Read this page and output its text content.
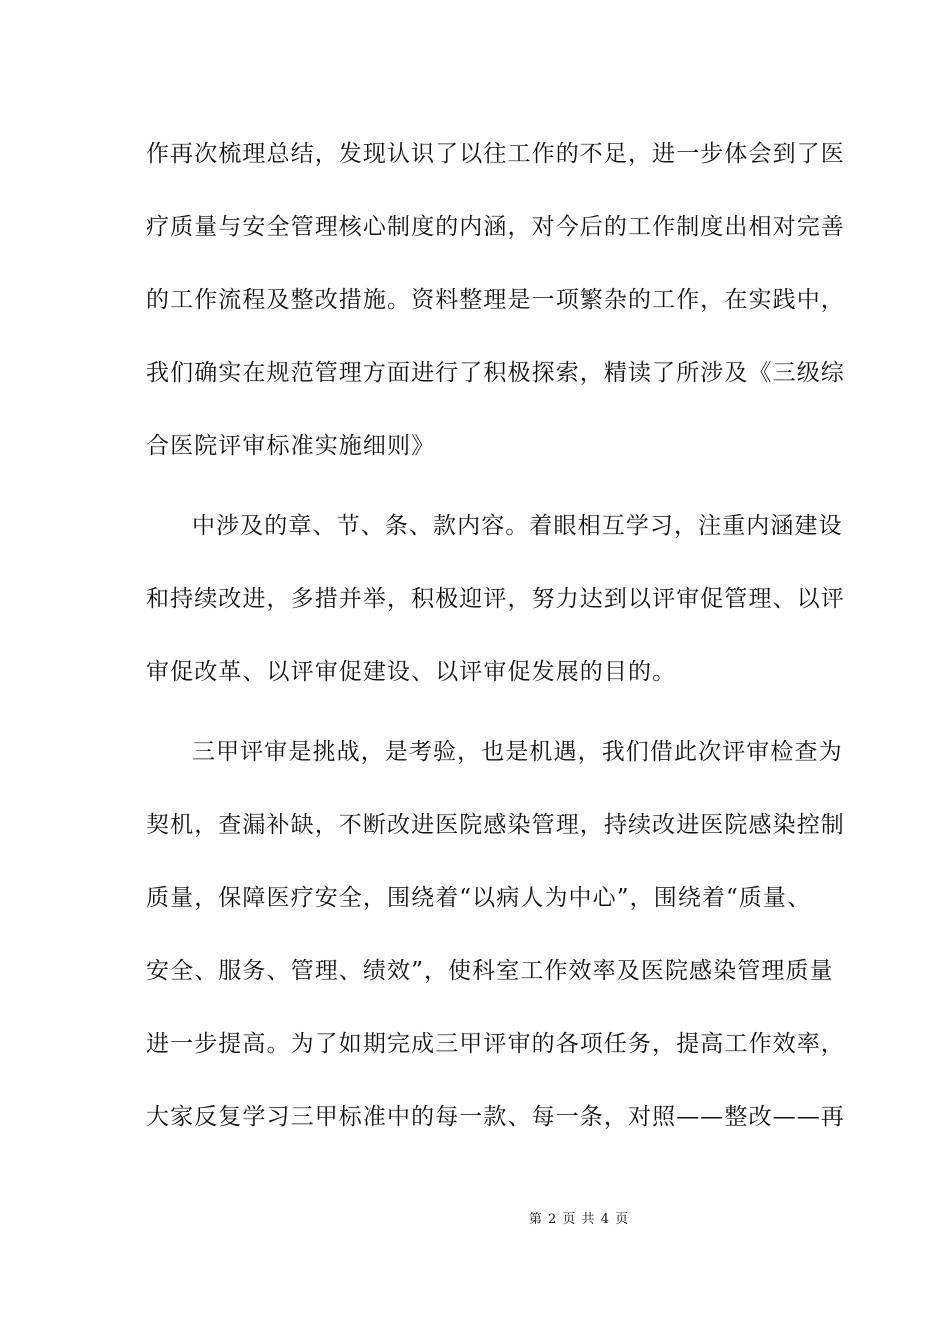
作再次梳理总结，发现认识了以往工作的不足，进一步体会到了医
疗质量与安全管理核心制度的内涵，对今后的工作制度出相对完善
的工作流程及整改措施。资料整理是一项繁杂的工作，在实践中，
我们确实在规范管理方面进行了积极探索，精读了所涉及《三级综
合医院评审标准实施细则》
中涉及的章、节、条、款内容。着眼相互学习，注重内涵建设
和持续改进，多措并举，积极迎评，努力达到以评审促管理、以评
审促改革、以评审促建设、以评审促发展的目的。
三甲评审是挑战，是考验，也是机遇，我们借此次评审检查为
契机，查漏补缺，不断改进医院感染管理，持续改进医院感染控制
质量，保障医疗安全，围绕着“以病人为中心”，围绕着“质量、
安全、服务、管理、绩效”，使科室工作效率及医院感染管理质量
进一步提高。为了如期完成三甲评审的各项任务，提高工作效率，
大家反复学习三甲标准中的每一款、每一条，对照——整改——再
第 2 页 共 4 页
